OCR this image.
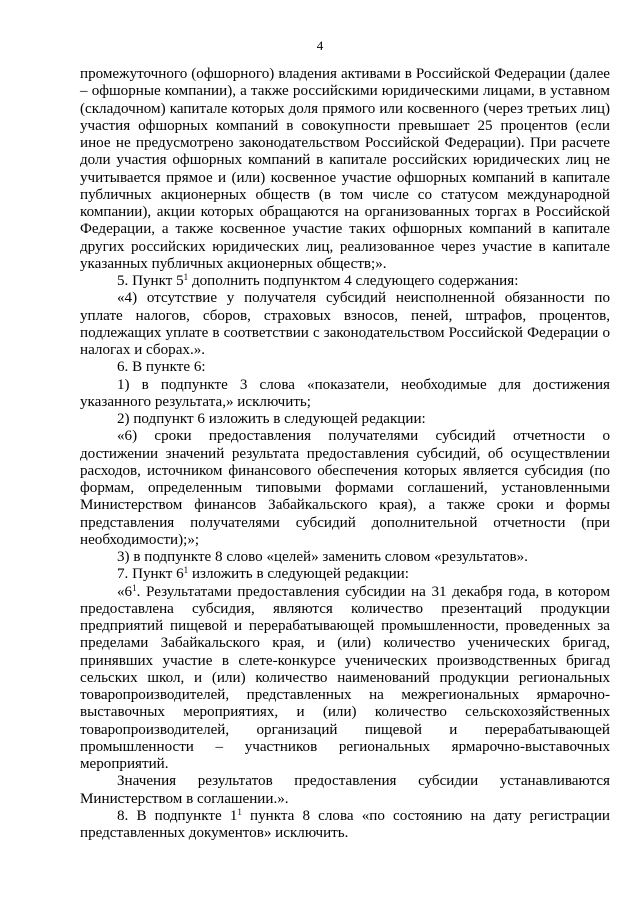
4

промежуточного (офшорного) владения активами в Российской Федерации (далее – офшорные компании), а также российскими юридическими лицами, в уставном (складочном) капитале которых доля прямого или косвенного (через третьих лиц) участия офшорных компаний в совокупности превышает 25 процентов (если иное не предусмотрено законодательством Российской Федерации). При расчете доли участия офшорных компаний в капитале российских юридических лиц не учитывается прямое и (или) косвенное участие офшорных компаний в капитале публичных акционерных обществ (в том числе со статусом международной компании), акции которых обращаются на организованных торгах в Российской Федерации, а также косвенное участие таких офшорных компаний в капитале других российских юридических лиц, реализованное через участие в капитале указанных публичных акционерных обществ;».

5. Пункт $5^1$ дополнить подпунктом 4 следующего содержания:

«4) отсутствие у получателя субсидий неисполненной обязанности по уплате налогов, сборов, страховых взносов, пеней, штрафов, процентов, подлежащих уплате в соответствии с законодательством Российской Федерации о налогах и сборах.».

6. В пункте 6:

1) в подпункте 3 слова «показатели, необходимые для достижения указанного результата,» исключить;

2) подпункт 6 изложить в следующей редакции:

«6) сроки предоставления получателями субсидий отчетности о достижении значений результата предоставления субсидий, об осуществлении расходов, источником финансового обеспечения которых является субсидия (по формам, определенным типовыми формами соглашений, установленными Министерством финансов Забайкальского края), а также сроки и формы представления получателями субсидий дополнительной отчетности (при необходимости);»;

3) в подпункте 8 слово «целей» заменить словом «результатов».

7. Пункт $6^1$ изложить в следующей редакции:

«$6^1$. Результатами предоставления субсидии на 31 декабря года, в котором предоставлена субсидия, являются количество презентаций продукции предприятий пищевой и перерабатывающей промышленности, проведенных за пределами Забайкальского края, и (или) количество ученических бригад, принявших участие в слете-конкурсе ученических производственных бригад сельских школ, и (или) количество наименований продукции региональных товаропроизводителей, представленных на межрегиональных ярмарочно-выставочных мероприятиях, и (или) количество сельскохозяйственных товаропроизводителей, организаций пищевой и перерабатывающей промышленности – участников региональных ярмарочно-выставочных мероприятий.

Значения результатов предоставления субсидии устанавливаются Министерством в соглашении.».

8. В подпункте $1^1$ пункта 8 слова «по состоянию на дату регистрации представленных документов» исключить.
